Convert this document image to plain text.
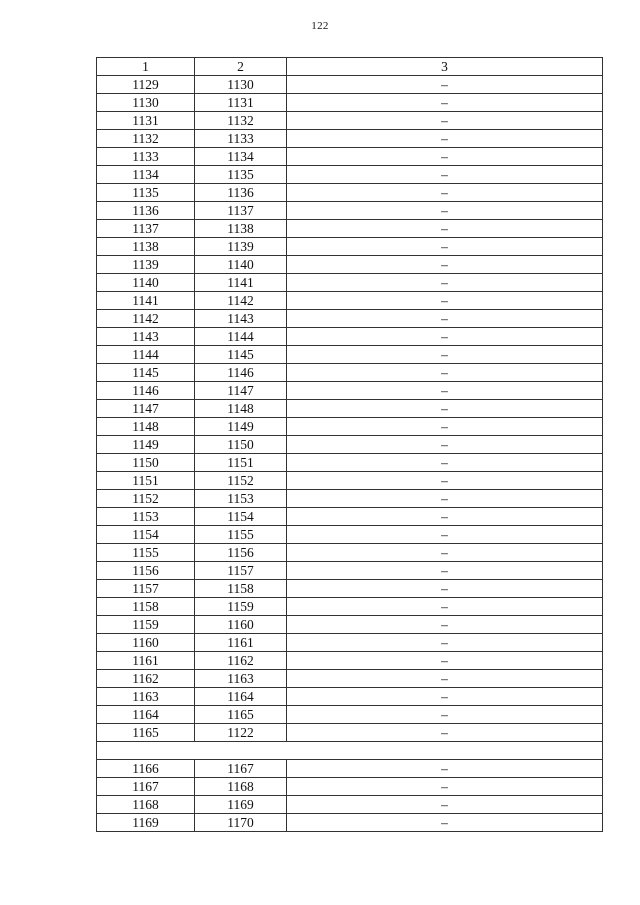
122
1	2	3
1129	1130	–
1130	1131	–
1131	1132	–
1132	1133	–
1133	1134	–
1134	1135	–
1135	1136	–
1136	1137	–
1137	1138	–
1138	1139	–
1139	1140	–
1140	1141	–
1141	1142	–
1142	1143	–
1143	1144	–
1144	1145	–
1145	1146	–
1146	1147	–
1147	1148	–
1148	1149	–
1149	1150	–
1150	1151	–
1151	1152	–
1152	1153	–
1153	1154	–
1154	1155	–
1155	1156	–
1156	1157	–
1157	1158	–
1158	1159	–
1159	1160	–
1160	1161	–
1161	1162	–
1162	1163	–
1163	1164	–
1164	1165	–
1165	1122	–

1166	1167	–
1167	1168	–
1168	1169	–
1169	1170	–
